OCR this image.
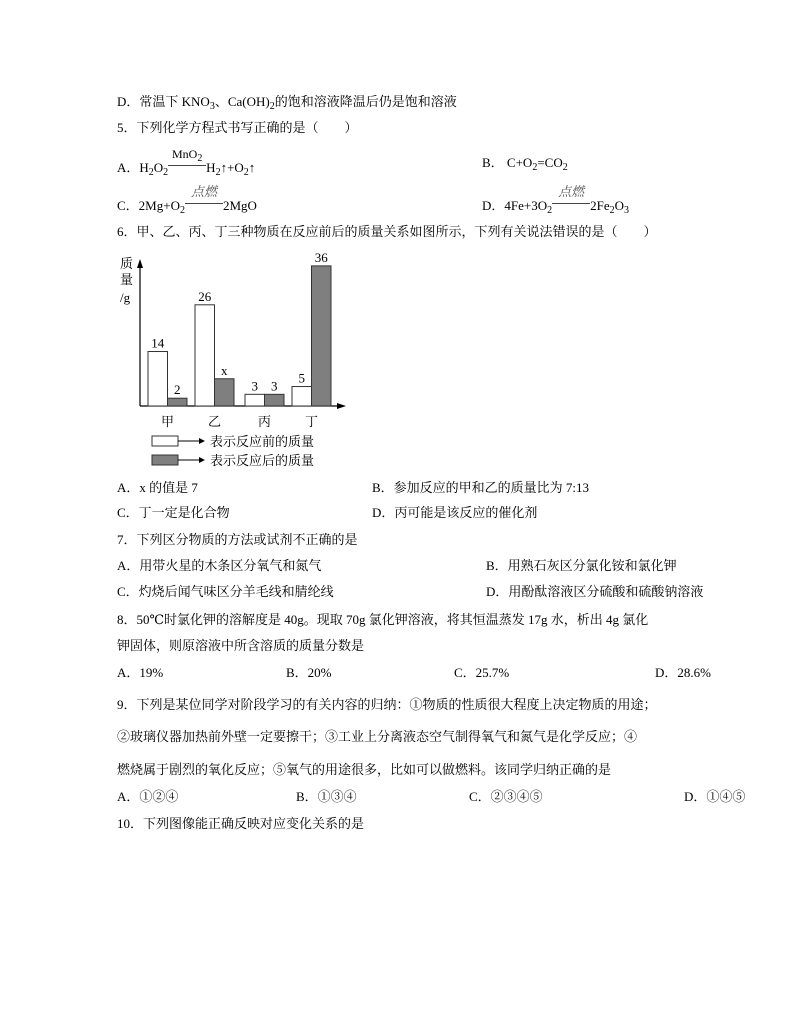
D．常温下 $KNO_3$、$Ca(OH)_2$的饱和溶液降温后仍是饱和溶液
5．下列化学方程式书写正确的是（　　）
A．$H_2O_2$
MnO$_2$
$H_2↑+O_2↑$	B． $C+O_2=CO_2$
C．$2Mg+O_2$
点燃
2MgO	D．$4Fe+3O_2$
点燃
$2Fe_2O_3$
6．甲、乙、丙、丁三种物质在反应前后的质量关系如图所示，下列有关说法错误的是（　　）
质
量
/g
14
26
3
5
2
x
3
36
甲	乙	丙	丁
表示反应前的质量
表示反应后的质量
A．x 的值是 7	B．参加反应的甲和乙的质量比为 7:13
C．丁一定是化合物	D．丙可能是该反应的催化剂
7．下列区分物质的方法或试剂不正确的是
A．用带火星的木条区分氧气和氮气	B．用熟石灰区分氯化铵和氯化钾
C．灼烧后闻气味区分羊毛线和腈纶线	D．用酚酞溶液区分硫酸和硫酸钠溶液
8．50℃时氯化钾的溶解度是 40g。现取 70g 氯化钾溶液，将其恒温蒸发 17g 水，析出 4g 氯化
钾固体，则原溶液中所含溶质的质量分数是
A．19%	B．20%	C．25.7%	D．28.6%
9．下列是某位同学对阶段学习的有关内容的归纳：①物质的性质很大程度上决定物质的用途；
②玻璃仪器加热前外壁一定要擦干；③工业上分离液态空气制得氧气和氮气是化学反应；④
燃烧属于剧烈的氧化反应；⑤氧气的用途很多，比如可以做燃料。该同学归纳正确的是
A．①②④	B．①③④	C．②③④⑤	D．①④⑤
10．下列图像能正确反映对应变化关系的是
